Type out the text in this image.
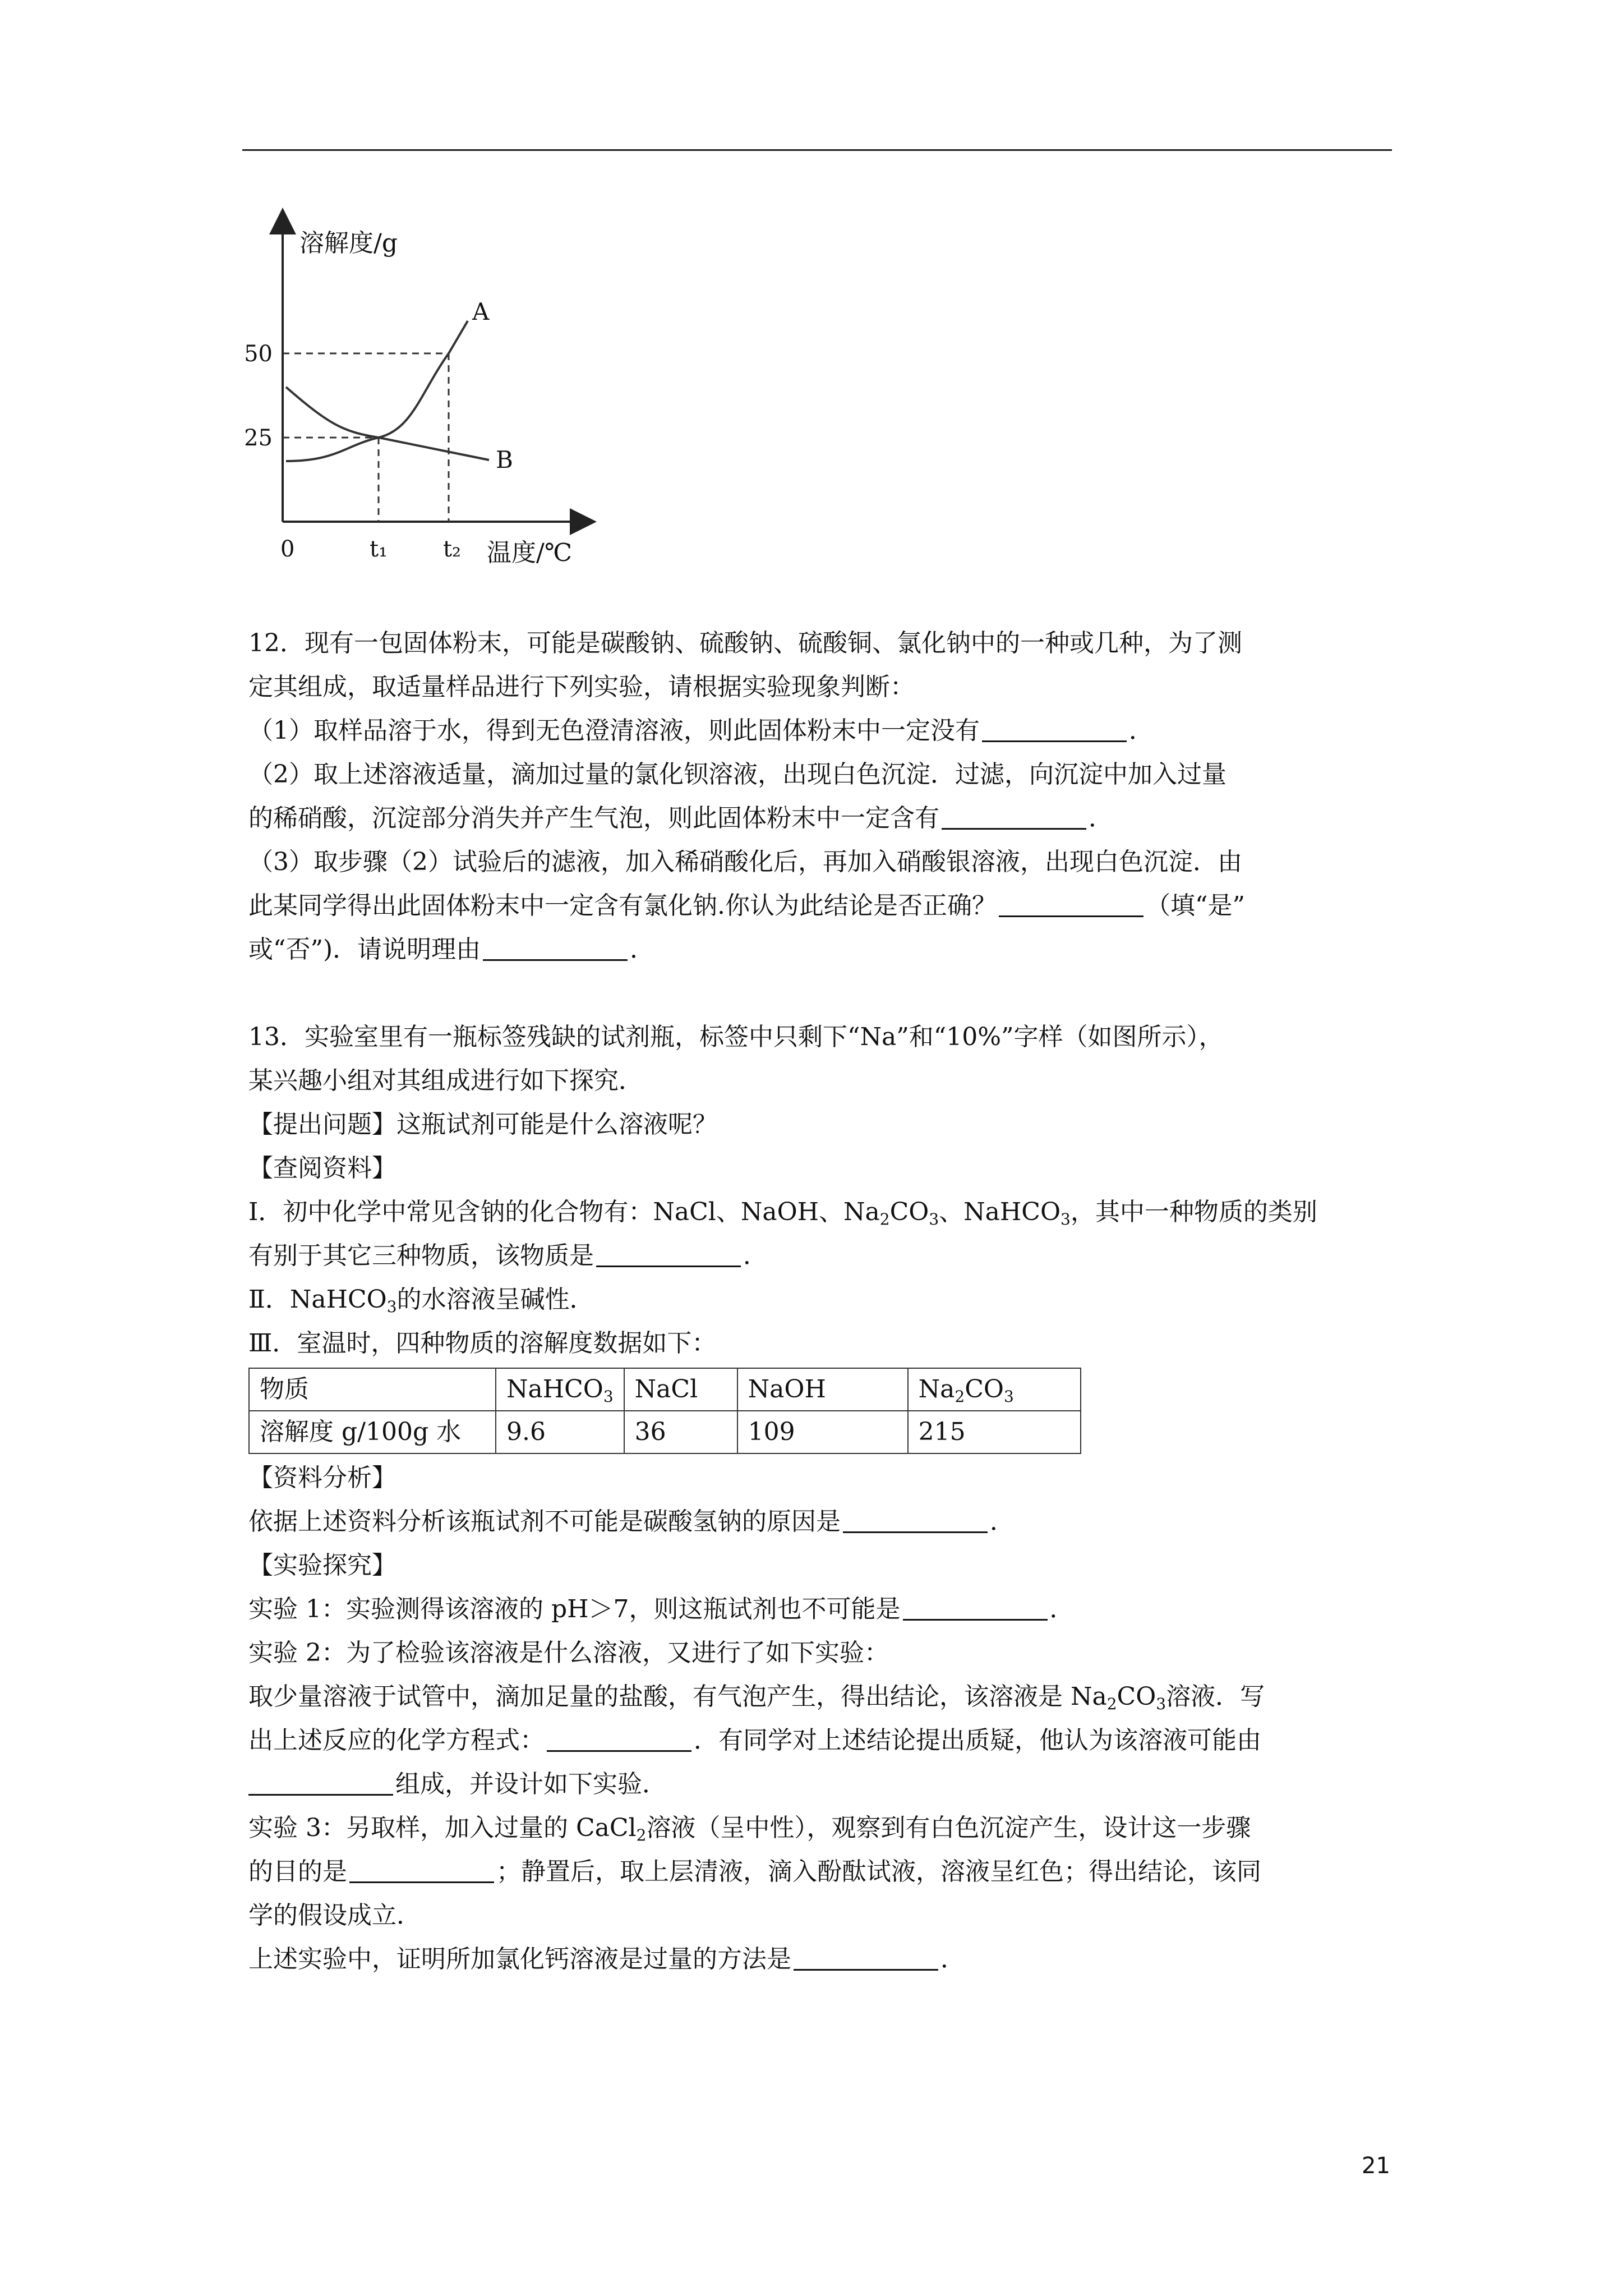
溶解度/g
温度/℃
0	t₁ t₂
50
25
A
B

12．现有一包固体粉末，可能是碳酸钠、硫酸钠、硫酸铜、氯化钠中的一种或几种，为了测

定其组成，取适量样品进行下列实验，请根据实验现象判断：

（1）取样品溶于水，得到无色澄清溶液，则此固体粉末中一定没有	．

（2）取上述溶液适量，滴加过量的氯化钡溶液，出现白色沉淀．过滤，向沉淀中加入过量

的稀硝酸，沉淀部分消失并产生气泡，则此固体粉末中一定含有	．

（3）取步骤（2）试验后的滤液，加入稀硝酸化后，再加入硝酸银溶液，出现白色沉淀．由

此某同学得出此固体粉末中一定含有氯化钠.你认为此结论是否正确？	（填“是”

或“否”)．请说明理由	．

13．实验室里有一瓶标签残缺的试剂瓶，标签中只剩下“Na”和“10%”字样（如图所示），

某兴趣小组对其组成进行如下探究．

【提出问题】这瓶试剂可能是什么溶液呢？

【查阅资料】

Ⅰ．初中化学中常见含钠的化合物有：NaCl、NaOH、$Na_2CO_3$、NaHCO$_3$，其中一种物质的类别

有别于其它三种物质，该物质是	．

Ⅱ．NaHCO$_3$的水溶液呈碱性．

Ⅲ．室温时，四种物质的溶解度数据如下：

物质	NaHCO$_3$	NaCl	NaOH	$Na_2CO_3$
溶解度 g/100g 水	9.6	36	109	215

【资料分析】

依据上述资料分析该瓶试剂不可能是碳酸氢钠的原因是	．

【实验探究】

实验 1：实验测得该溶液的 pH＞7，则这瓶试剂也不可能是	．

实验 2：为了检验该溶液是什么溶液，又进行了如下实验：

取少量溶液于试管中，滴加足量的盐酸，有气泡产生，得出结论，该溶液是 $Na_2CO_3$溶液．写

出上述反应的化学方程式：	．有同学对上述结论提出质疑，他认为该溶液可能由

组成，并设计如下实验．

实验 3：另取样，加入过量的 CaCl$_2$溶液（呈中性），观察到有白色沉淀产生，设计这一步骤

的目的是	；静置后，取上层清液，滴入酚酞试液，溶液呈红色；得出结论，该同

学的假设成立．

上述实验中，证明所加氯化钙溶液是过量的方法是	．

21
